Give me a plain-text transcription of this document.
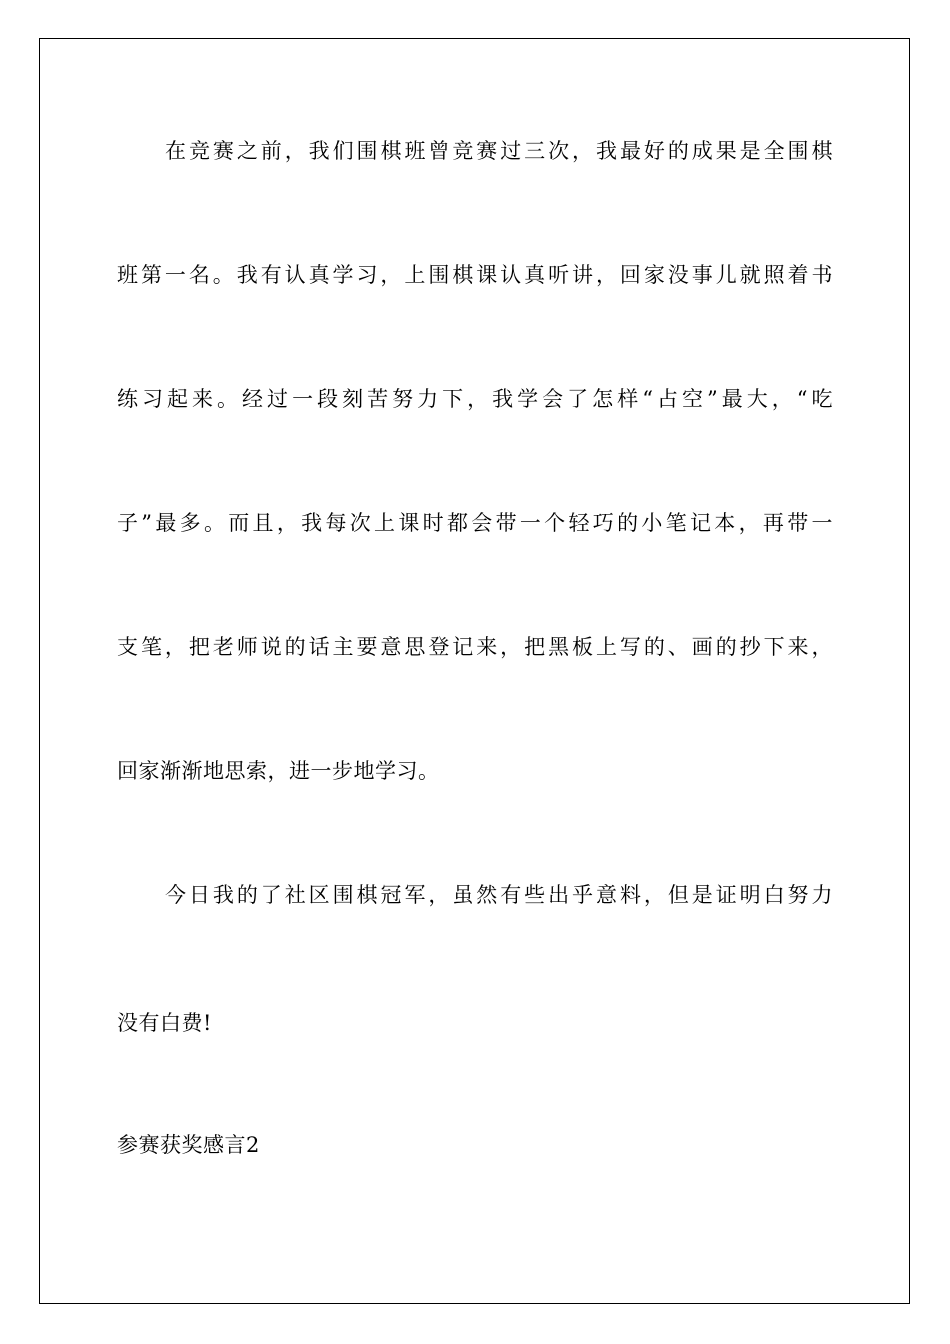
在竞赛之前，我们围棋班曾竞赛过三次，我最好的成果是全围棋
班第一名。我有认真学习，上围棋课认真听讲，回家没事儿就照着书
练习起来。经过一段刻苦努力下，我学会了怎样“占空”最大，“吃
子”最多。而且，我每次上课时都会带一个轻巧的小笔记本，再带一
支笔，把老师说的话主要意思登记来，把黑板上写的、画的抄下来，
回家渐渐地思索，进一步地学习。
今日我的了社区围棋冠军，虽然有些出乎意料，但是证明白努力
没有白费!
参赛获奖感言2
